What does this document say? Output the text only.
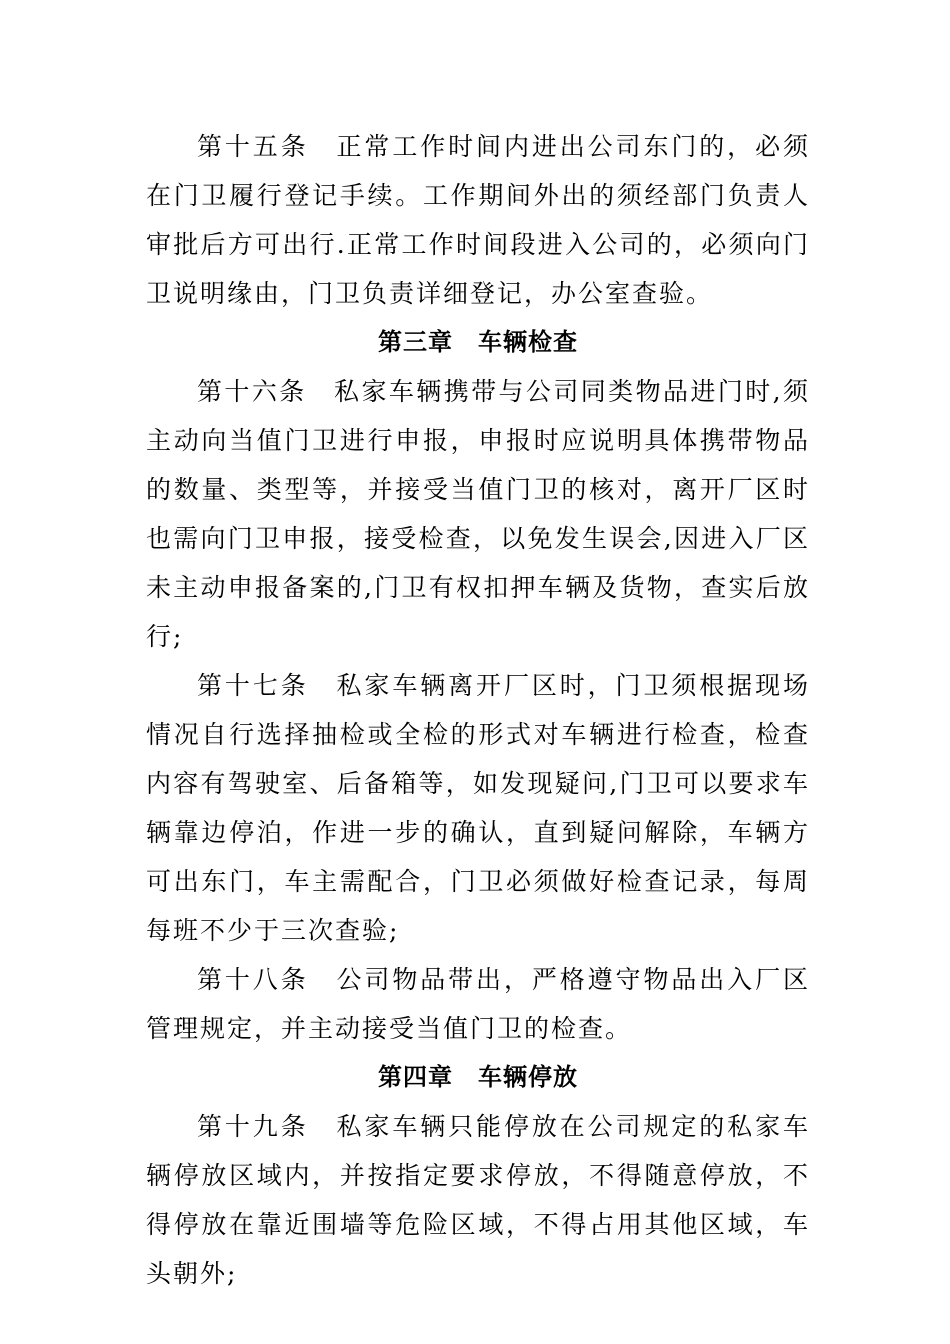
第十五条　正常工作时间内进出公司东门的，必须在门卫履行登记手续。工作期间外出的须经部门负责人审批后方可出行.正常工作时间段进入公司的，必须向门卫说明缘由，门卫负责详细登记，办公室查验。

第三章　车辆检查

第十六条　私家车辆携带与公司同类物品进门时,须主动向当值门卫进行申报，申报时应说明具体携带物品的数量、类型等，并接受当值门卫的核对，离开厂区时也需向门卫申报，接受检查，以免发生误会,因进入厂区未主动申报备案的,门卫有权扣押车辆及货物，查实后放行;

第十七条　私家车辆离开厂区时，门卫须根据现场情况自行选择抽检或全检的形式对车辆进行检查，检查内容有驾驶室、后备箱等，如发现疑问,门卫可以要求车辆靠边停泊，作进一步的确认，直到疑问解除，车辆方可出东门，车主需配合，门卫必须做好检查记录，每周每班不少于三次查验;

第十八条　公司物品带出，严格遵守物品出入厂区管理规定，并主动接受当值门卫的检查。

第四章　车辆停放

第十九条　私家车辆只能停放在公司规定的私家车辆停放区域内，并按指定要求停放，不得随意停放，不得停放在靠近围墙等危险区域，不得占用其他区域，车头朝外;
